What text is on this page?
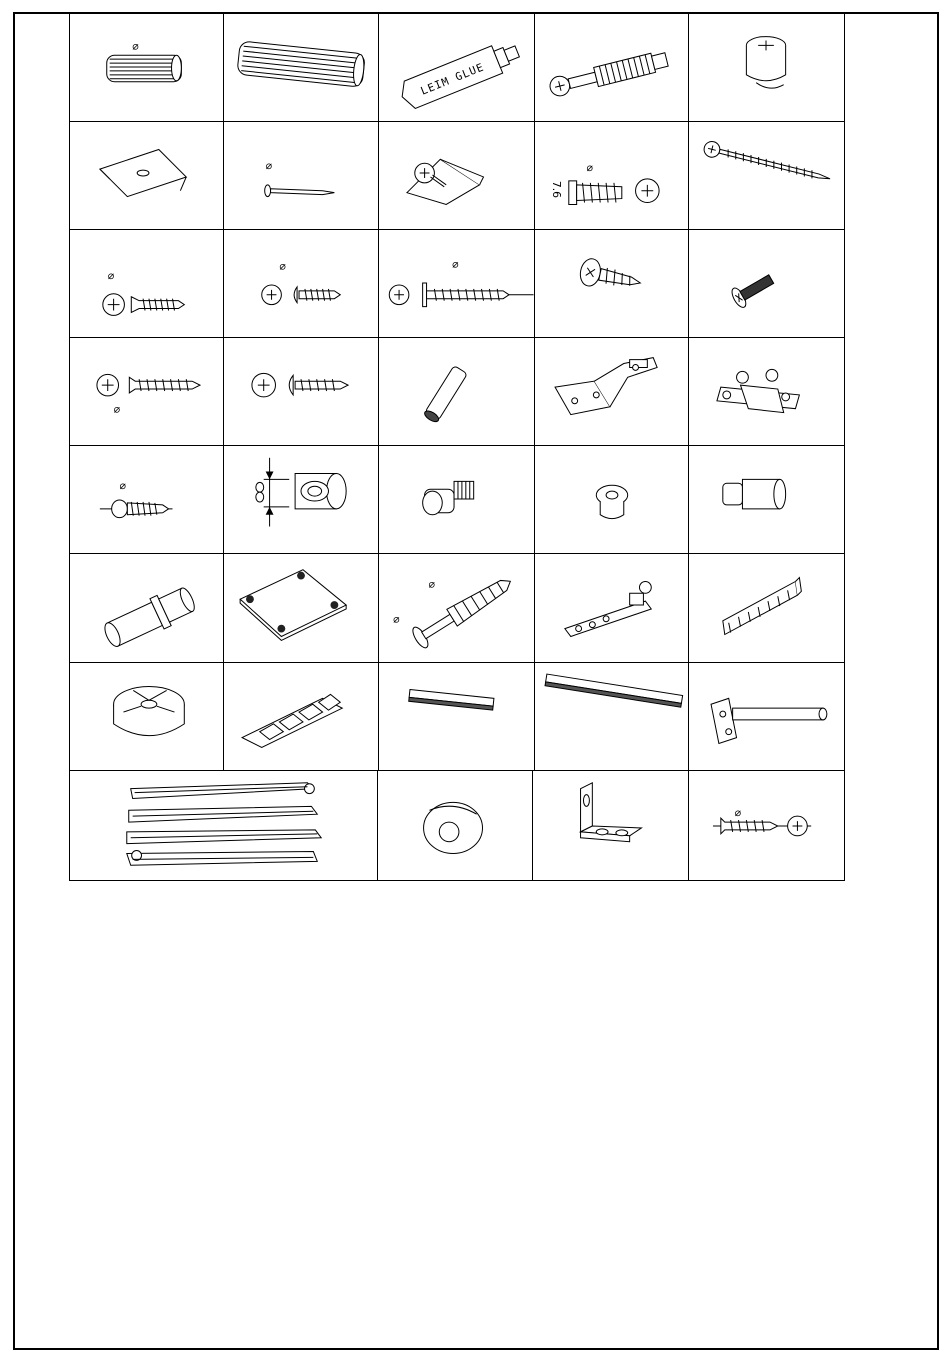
⌀
LEIM GLUE
⌀	⌀
7.6
⌀
⌀	⌀
⌀
⌀
⌀
⌀
⌀
